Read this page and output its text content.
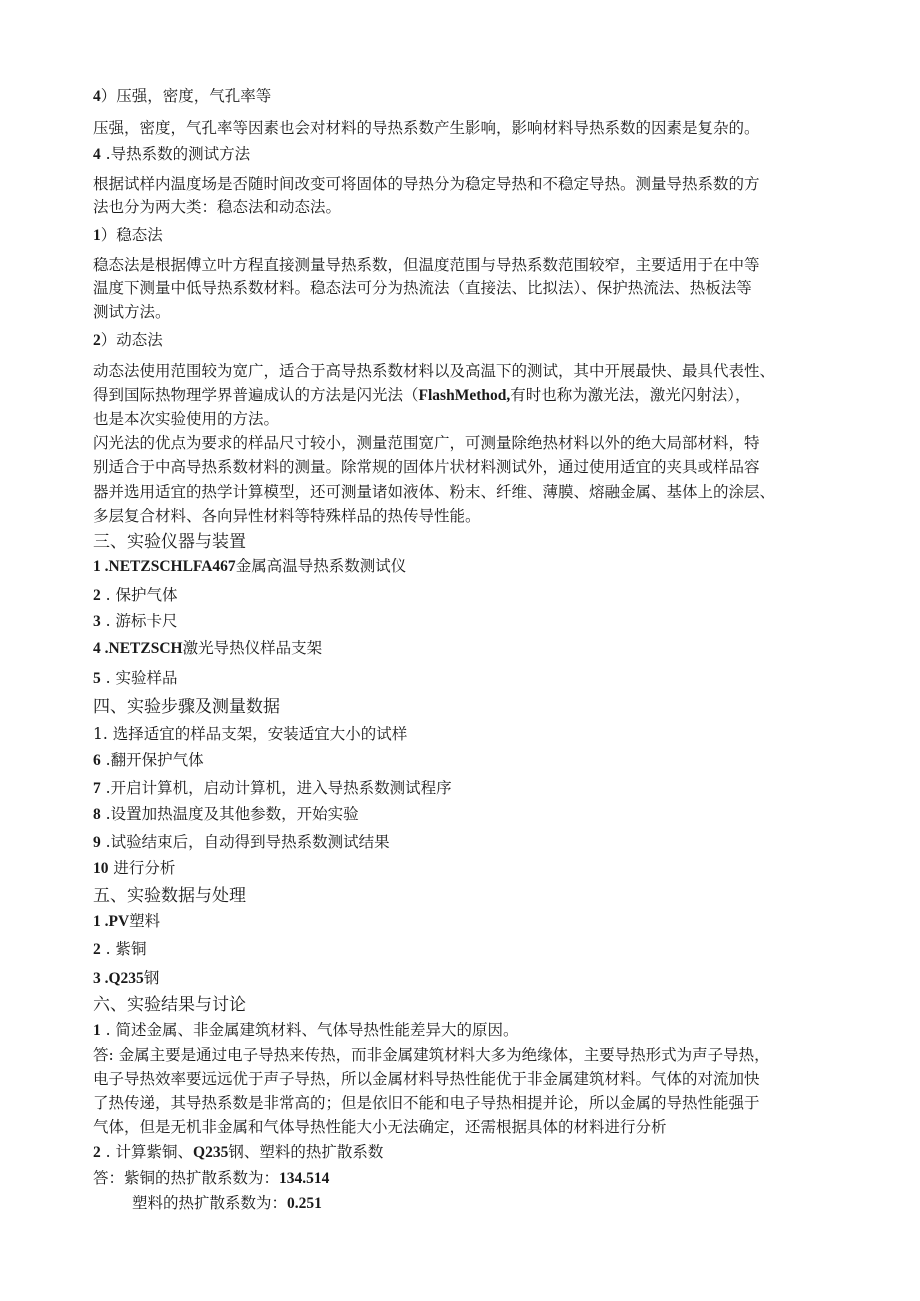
4）压强，密度，气孔率等
压强，密度，气孔率等因素也会对材料的导热系数产生影响，影响材料导热系数的因素是复杂的。
4 .导热系数的测试方法
根据试样内温度场是否随时间改变可将固体的导热分为稳定导热和不稳定导热。测量导热系数的方
法也分为两大类：稳态法和动态法。
1）稳态法
稳态法是根据傅立叶方程直接测量导热系数，但温度范围与导热系数范围较窄，主要适用于在中等
温度下测量中低导热系数材料。稳态法可分为热流法（直接法、比拟法）、保护热流法、热板法等
测试方法。
2）动态法
动态法使用范围较为宽广，适合于高导热系数材料以及高温下的测试，其中开展最快、最具代表性、
得到国际热物理学界普遍成认的方法是闪光法（FlashMethod,有时也称为激光法，激光闪射法），
也是本次实验使用的方法。
闪光法的优点为要求的样品尺寸较小，测量范围宽广，可测量除绝热材料以外的绝大局部材料，特
别适合于中高导热系数材料的测量。除常规的固体片状材料测试外，通过使用适宜的夹具或样品容
器并选用适宜的热学计算模型，还可测量诸如液体、粉末、纤维、薄膜、熔融金属、基体上的涂层、
多层复合材料、各向异性材料等特殊样品的热传导性能。
三、实验仪器与装置
1 .NETZSCHLFA467金属高温导热系数测试仪
2 . 保护气体
3 . 游标卡尺
4 .NETZSCH激光导热仪样品支架
5 . 实验样品
四、实验步骤及测量数据
1. 选择适宜的样品支架，安装适宜大小的试样
6 .翻开保护气体
7 .开启计算机，启动计算机，进入导热系数测试程序
8 .设置加热温度及其他参数，开始实验
9 .试验结束后，自动得到导热系数测试结果
10 进行分析
五、实验数据与处理
1 .PV塑料
2 . 紫铜
3 .Q235钢
六、实验结果与讨论
1 . 简述金属、非金属建筑材料、气体导热性能差异大的原因。
答: 金属主要是通过电子导热来传热，而非金属建筑材料大多为绝缘体，主要导热形式为声子导热，
电子导热效率要远远优于声子导热，所以金属材料导热性能优于非金属建筑材料。气体的对流加快
了热传递，其导热系数是非常高的；但是依旧不能和电子导热相提并论，所以金属的导热性能强于
气体，但是无机非金属和气体导热性能大小无法确定，还需根据具体的材料进行分析
2 . 计算紫铜、Q235钢、塑料的热扩散系数
答：紫铜的热扩散系数为：134.514
塑料的热扩散系数为：0.251
